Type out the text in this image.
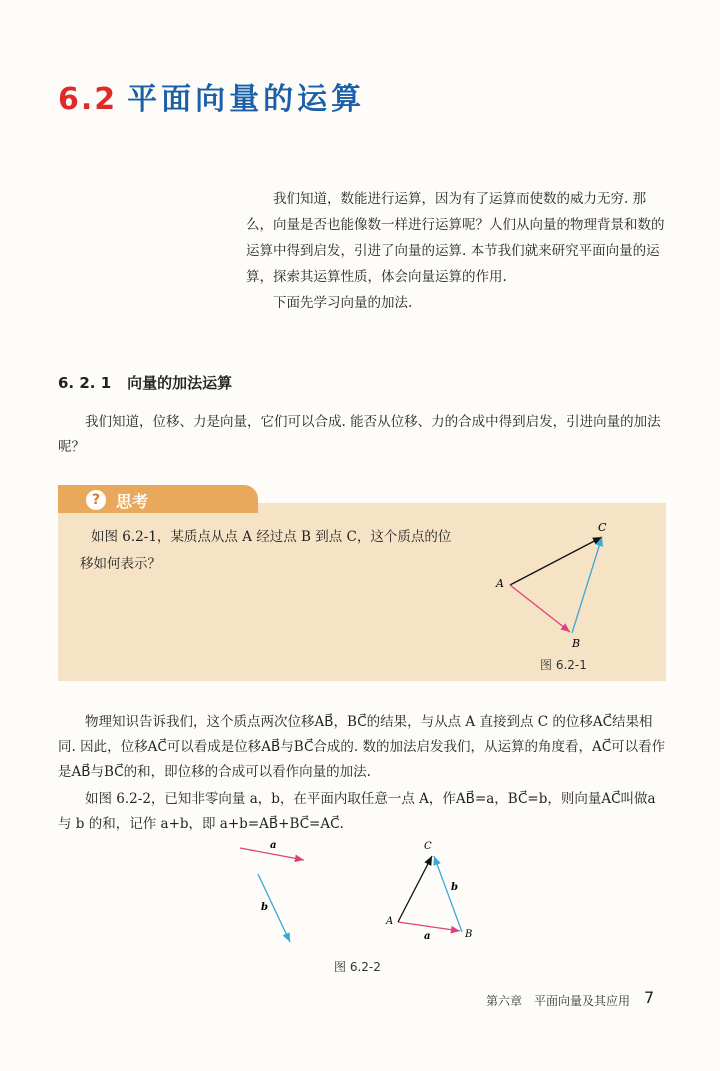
6.2 平面向量的运算

我们知道，数能进行运算，因为有了运算而使数的威力无穷. 那么，向量是否也能像数一样进行运算呢？人们从向量的物理背景和数的运算中得到启发，引进了向量的运算. 本节我们就来研究平面向量的运算，探索其运算性质，体会向量运算的作用.

下面先学习向量的加法.

6. 2. 1 向量的加法运算

我们知道，位移、力是向量，它们可以合成. 能否从位移、力的合成中得到启发，引进向量的加法呢？

? 思考
如图 6.2-1，某质点从点 A 经过点 B 到点 C，这个质点的位移如何表示？
A
B
C
图 6.2-1

物理知识告诉我们，这个质点两次位移AB⃗，BC⃗的结果，与从点 A 直接到点 C 的位移AC⃗结果相同. 因此，位移AC⃗可以看成是位移AB⃗与BC⃗合成的. 数的加法启发我们，从运算的角度看，AC⃗可以看作是AB⃗与BC⃗的和，即位移的合成可以看作向量的加法.

如图 6.2-2，已知非零向量 a，b，在平面内取任意一点 A，作AB⃗=a，BC⃗=b，则向量AC⃗叫做a 与 b 的和，记作 a+b，即 a+b=AB⃗+BC⃗=AC⃗.

a
b
a
b
A
B
C
图 6.2-2
第六章　平面向量及其应用 7
